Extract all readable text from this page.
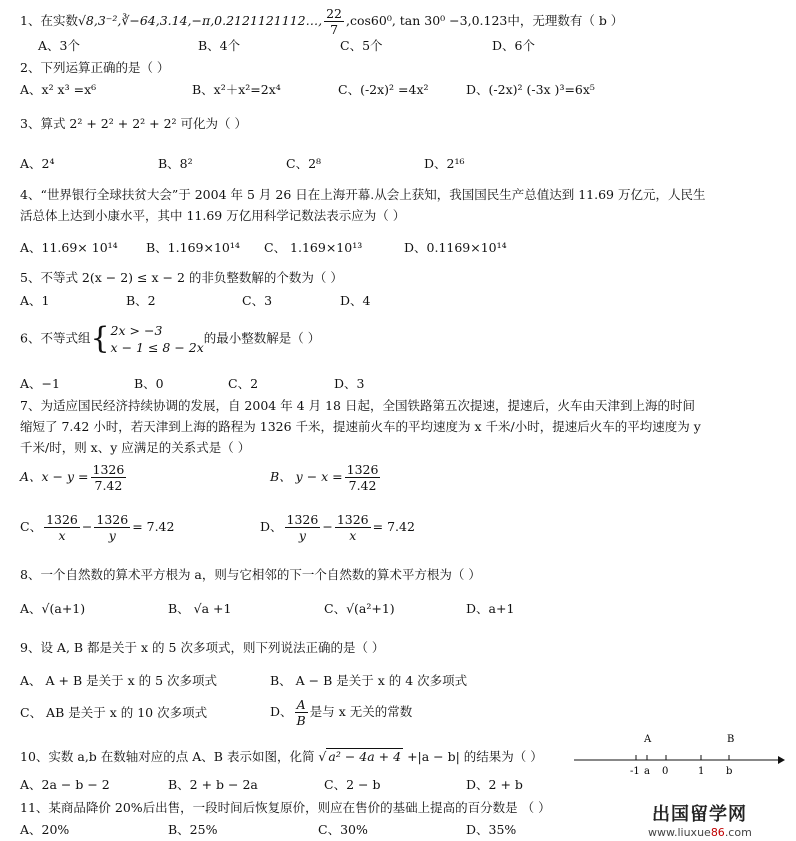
1、在实数√8,3⁻²,∛−64,3.14,−π,0.2121121112…, $\frac{22}{7} ,\cos 60^0$, tan 30⁰ −3,0.123中，无理数有（ b ）
A、3个	B、4个	C、5个	D、6个
2、下列运算正确的是（ ）
A、x² x³ =x⁶	B、x²＋x²=2x⁴	C、(-2x)² =4x²	D、(-2x)² (-3x )³=6x⁵
3、算式 2² + 2² + 2² + 2² 可化为（ ）
A、2⁴	B、8²	C、2⁸	D、2¹⁶
4、“世界银行全球扶贫大会”于 2004 年 5 月 26 日在上海开幕.从会上获知，我国国民生产总值达到 11.69 万亿元，人民生
活总体上达到小康水平，其中 11.69 万亿用科学记数法表示应为（ ）
A、11.69× 10¹⁴ B、1.169×10¹⁴ C、 1.169×10¹³	D、0.1169×10¹⁴
5、不等式 2(x − 2) ≤ x − 2 的非负整数解的个数为（ ）
A、1	B、2	C、3	D、4
6、不等式组{ 2x > −3
x − 1 ≤ 8 − 2x
的最小整数解是（ ）
A、−1	B、0	C、2	D、3
7、为适应国民经济持续协调的发展，自 2004 年 4 月 18 日起，全国铁路第五次提速，提速后，火车由天津到上海的时间
缩短了 7.42 小时，若天津到上海的路程为 1326 千米，提速前火车的平均速度为 x 千米/小时，提速后火车的平均速度为 y
千米/时，则 x、y 应满足的关系式是（ ）
A、$x - y = \frac{1326}{7.42}$	B、 $y - x = \frac{1326}{7.42}$
C、 $\frac{1326}{x} - \frac{1326}{y} = 7.42$	D、 $\frac{1326}{y} - \frac{1326}{x} = 7.42$
8、一个自然数的算术平方根为 a，则与它相邻的下一个自然数的算术平方根为（ ）
A、√(a+1)	B、 √a +1	C、√(a²+1)	D、a+1
9、设 A, B 都是关于 x 的 5 次多项式，则下列说法正确的是（ ）
A、 A + B 是关于 x 的 5 次多项式	B、 A − B 是关于 x 的 4 次多项式
C、 AB 是关于 x 的 10 次多项式	D、 $\frac{A}{B}$ 是与 x 无关的常数
10、实数 a,b 在数轴对应的点 A、B 表示如图，化简 √ a² − 4a + 4 +|a − b| 的结果为（ ）
A、2a − b − 2	B、2 + b − 2a	C、2 − b	D、2 + b
A	B
-1 a 0	1 b
11、某商品降价 20%后出售，一段时间后恢复原价，则应在售价的基础上提高的百分数是 （ ）
A、20%	B、25%	C、30%	D、35%
出国留学网
www.liuxue86.com
